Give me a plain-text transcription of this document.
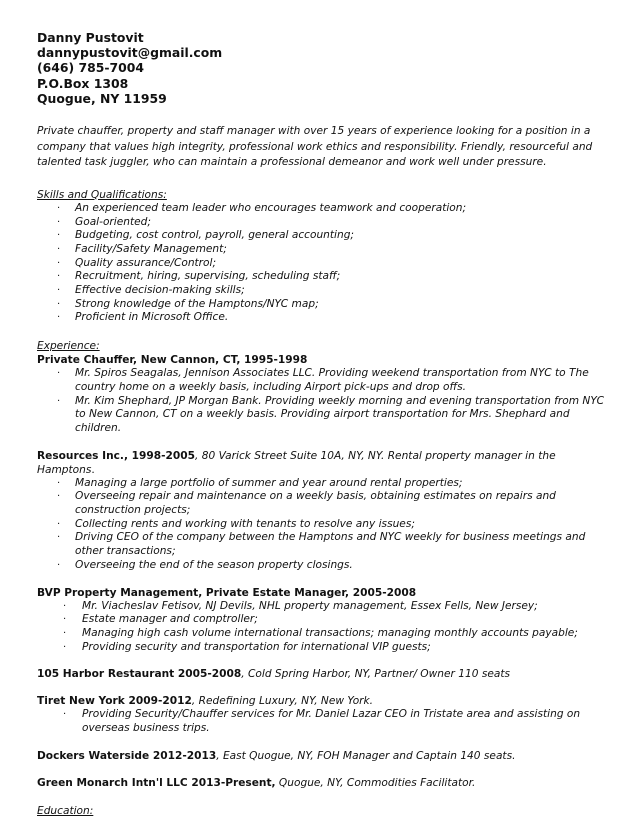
Danny Pustovit
dannypustovit@gmail.com
(646) 785-7004
P.O.Box 1308
Quogue, NY 11959
Private chauffer, property and staff manager with over 15 years of experience looking for a position in a company that values high integrity, professional work ethics and responsibility. Friendly, resourceful and talented task juggler, who can maintain a professional demeanor and work well under pressure.
Skills and Qualifications:
· An experienced team leader who encourages teamwork and cooperation;
· Goal-oriented;
· Budgeting, cost control, payroll, general accounting;
· Facility/Safety Management;
· Quality assurance/Control;
· Recruitment, hiring, supervising, scheduling staff;
· Effective decision-making skills;
· Strong knowledge of the Hamptons/NYC map;
· Proficient in Microsoft Office.
Experience:
Private Chauffer, New Cannon, CT, 1995-1998
· Mr. Spiros Seagalas, Jennison Associates LLC. Providing weekend transportation from NYC to The country home on a weekly basis, including Airport pick-ups and drop offs.
· Mr. Kim Shephard, JP Morgan Bank. Providing weekly morning and evening transportation from NYC to New Cannon, CT on a weekly basis. Providing airport transportation for Mrs. Shephard and children.
Resources Inc., 1998-2005, 80 Varick Street Suite 10A, NY, NY. Rental property manager in the Hamptons.
· Managing a large portfolio of summer and year around rental properties;
· Overseeing repair and maintenance on a weekly basis, obtaining estimates on repairs and construction projects;
· Collecting rents and working with tenants to resolve any issues;
· Driving CEO of the company between the Hamptons and NYC weekly for business meetings and other transactions;
· Overseeing the end of the season property closings.
BVP Property Management, Private Estate Manager, 2005-2008
· Mr. Viacheslav Fetisov, NJ Devils, NHL property management, Essex Fells, New Jersey;
· Estate manager and comptroller;
· Managing high cash volume international transactions; managing monthly accounts payable;
· Providing security and transportation for international VIP guests;
105 Harbor Restaurant 2005-2008, Cold Spring Harbor, NY, Partner/ Owner 110 seats
Tiret New York 2009-2012, Redefining Luxury, NY, New York.
· Providing Security/Chauffer services for Mr. Daniel Lazar CEO in Tristate area and assisting on overseas business trips.
Dockers Waterside 2012-2013, East Quogue, NY, FOH Manager and Captain 140 seats.
Green Monarch Intn'l LLC 2013-Present, Quogue, NY, Commodities Facilitator.
Education:
